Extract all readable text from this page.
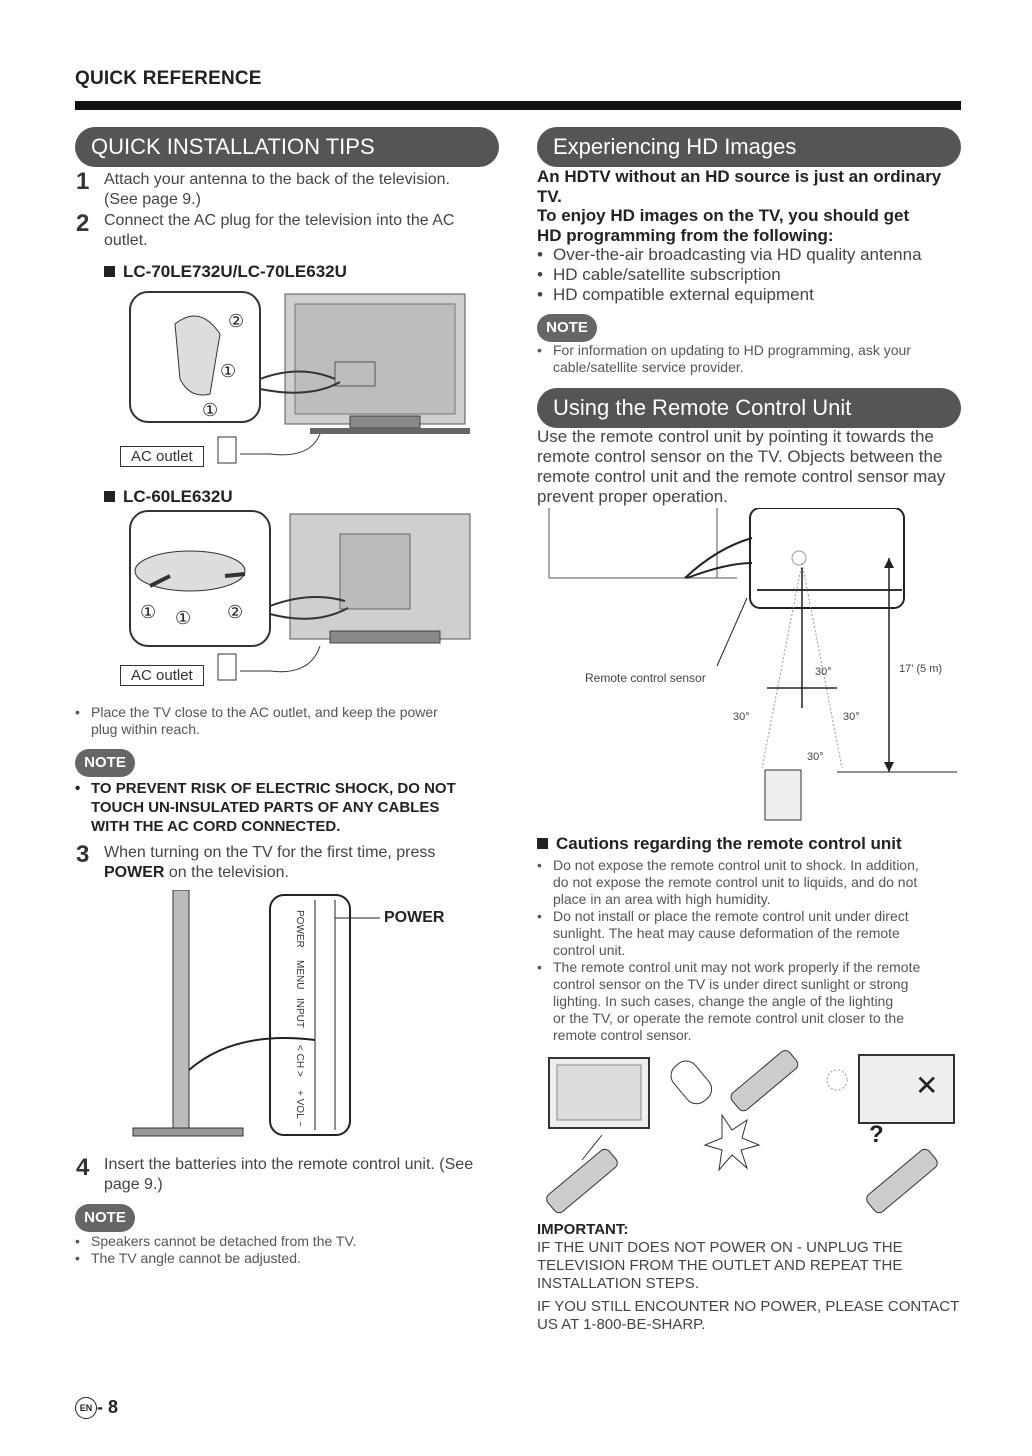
QUICK REFERENCE
QUICK INSTALLATION TIPS
1 Attach your antenna to the back of the television.
(See page 9.)
2 Connect the AC plug for the television into the AC
outlet.
LC-70LE732U/LC-70LE632U
②
①
①
AC outlet
LC-60LE632U
① ① ②
AC outlet
• Place the TV close to the AC outlet, and keep the power
plug within reach.
NOTE
• TO PREVENT RISK OF ELECTRIC SHOCK, DO NOT
TOUCH UN-INSULATED PARTS OF ANY CABLES
WITH THE AC CORD CONNECTED.
3 When turning on the TV for the first time, press
POWER on the television.
POWER
MENU
INPUT
< CH >
+ VOL −
POWER
4 Insert the batteries into the remote control unit. (See
page 9.)
NOTE
• Speakers cannot be detached from the TV.
• The TV angle cannot be adjusted.
Experiencing HD Images
An HDTV without an HD source is just an ordinary
TV.
To enjoy HD images on the TV, you should get
HD programming from the following:
• Over-the-air broadcasting via HD quality antenna
• HD cable/satellite subscription
• HD compatible external equipment
NOTE
• For information on updating to HD programming, ask your
cable/satellite service provider.
Using the Remote Control Unit
Use the remote control unit by pointing it towards the
remote control sensor on the TV. Objects between the
remote control unit and the remote control sensor may
prevent proper operation.
Remote control sensor	30°
30°	30°
30°
17' (5 m)
Cautions regarding the remote control unit
• Do not expose the remote control unit to shock. In addition,
do not expose the remote control unit to liquids, and do not
place in an area with high humidity.
• Do not install or place the remote control unit under direct
sunlight. The heat may cause deformation of the remote
control unit.
• The remote control unit may not work properly if the remote
control sensor on the TV is under direct sunlight or strong
lighting. In such cases, change the angle of the lighting
or the TV, or operate the remote control unit closer to the
remote control sensor.
✕
?
IMPORTANT:
IF THE UNIT DOES NOT POWER ON - UNPLUG THE
TELEVISION FROM THE OUTLET AND REPEAT THE
INSTALLATION STEPS.
IF YOU STILL ENCOUNTER NO POWER, PLEASE CONTACT
US AT 1-800-BE-SHARP.
EN - 8
